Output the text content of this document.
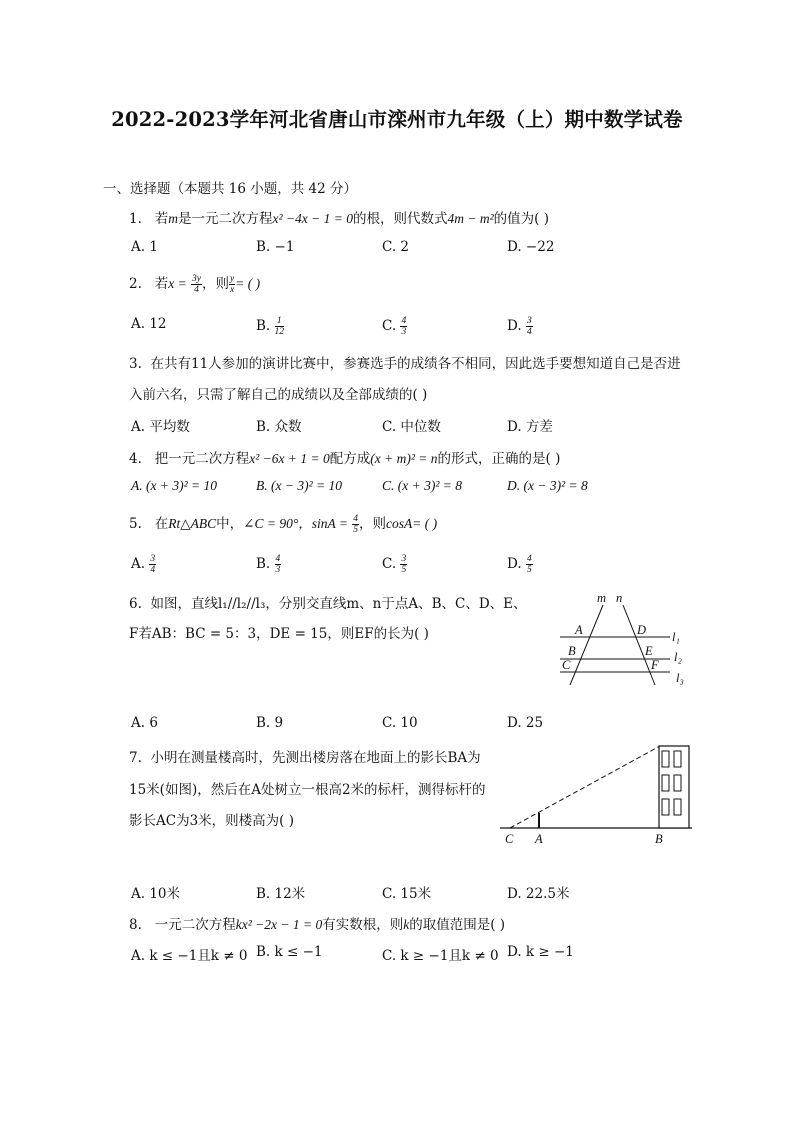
2022-2023学年河北省唐山市滦州市九年级（上）期中数学试卷
一、选择题（本题共 16 小题，共 42 分）
1. 若m是一元二次方程x² −4x − 1 = 0的根，则代数式4m − m²的值为( )
A. 1	B. −1	C. 2	D. −22
2. 若$x = \frac{3y}{4}$ ，则 $\frac{y}{x}$ = ( )
A. 12	B. $\frac{1}{12}$	C. $\frac{4}{3}$	D. $\frac{3}{4}$
3. 在共有11人参加的演讲比赛中，参赛选手的成绩各不相同，因此选手要想知道自己是否进
入前六名，只需了解自己的成绩以及全部成绩的( )
A. 平均数	B. 众数	C. 中位数	D. 方差
4. 把一元二次方程x² −6x + 1 = 0配方成(x + m)² = n的形式，正确的是( )
A. (x + 3)² = 10	B. (x − 3)² = 10	C. (x + 3)² = 8	D. (x − 3)² = 8
5. 在Rt△ABC中，∠C = 90°，$\sin A = \frac{4}{5}$ ，则cosA= ( )
A. $\frac{3}{4}$	B. $\frac{4}{3}$	C. $\frac{3}{5}$	D. $\frac{4}{5}$
6. 如图，直线l₁//l₂//l₃，分别交直线m、n于点A、B、C、D、E、
F若AB：BC = 5：3，DE = 15，则EF的长为( )
m n
A	D
B	E
C	F
l₁
l₂
l₃
A. 6	B. 9	C. 10	D. 25
7. 小明在测量楼高时，先测出楼房落在地面上的影长BA为
15米(如图)，然后在A处树立一根高2米的标杆，测得标杆的
影长AC为3米，则楼高为( )
C A	B
A. 10米	B. 12米	C. 15米	D. 22.5米
8. 一元二次方程kx² −2x − 1 = 0有实数根，则k的取值范围是( )
A. k ≤ −1且k ≠ 0 B. k ≤ −1	C. k ≥ −1且k ≠ 0 D. k ≥ −1
